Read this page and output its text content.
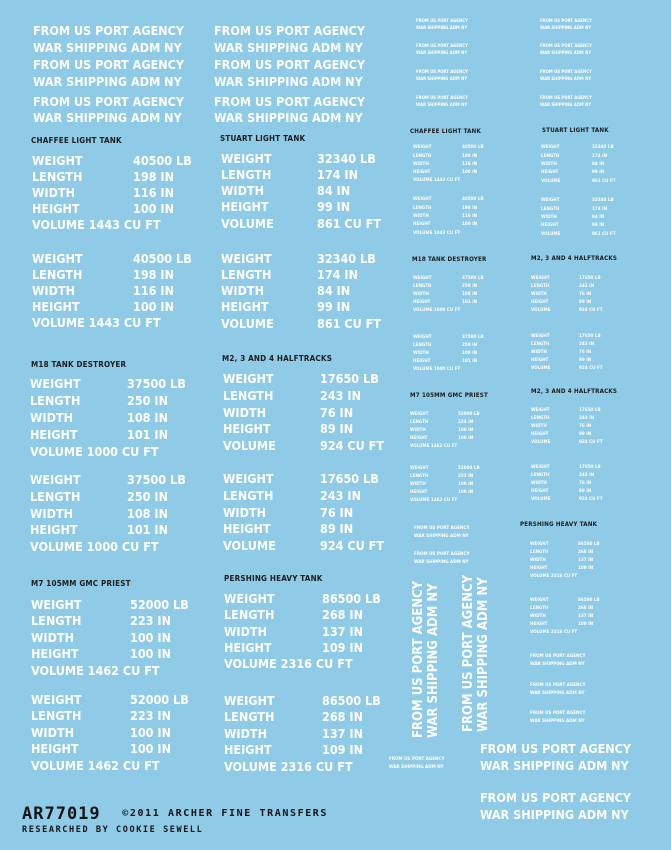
FROM US PORT AGENCY
WAR SHIPPING ADM NY
FROM US PORT AGENCY
WAR SHIPPING ADM NY
FROM US PORT AGENCY
WAR SHIPPING ADM NY
CHAFFEE LIGHT TANK
WEIGHT	40500 LB
LENGTH	198 IN
WIDTH	116 IN
HEIGHT	100 IN
VOLUME 1443 CU FT
WEIGHT	40500 LB
LENGTH	198 IN
WIDTH	116 IN
HEIGHT	100 IN
VOLUME 1443 CU FT
M18 TANK DESTROYER
WEIGHT	37500 LB
LENGTH	250 IN
WIDTH	108 IN
HEIGHT	101 IN
VOLUME 1000 CU FT
WEIGHT	37500 LB
LENGTH	250 IN
WIDTH	108 IN
HEIGHT	101 IN
VOLUME 1000 CU FT
M7 105MM GMC PRIEST
WEIGHT	52000 LB
LENGTH	223 IN
WIDTH	100 IN
HEIGHT	100 IN
VOLUME 1462 CU FT
WEIGHT	52000 LB
LENGTH	223 IN
WIDTH	100 IN
HEIGHT	100 IN
VOLUME 1462 CU FT
FROM US PORT AGENCY
WAR SHIPPING ADM NY
FROM US PORT AGENCY
WAR SHIPPING ADM NY
FROM US PORT AGENCY
WAR SHIPPING ADM NY
STUART LIGHT TANK
WEIGHT	32340 LB
LENGTH	174 IN
WIDTH	84 IN
HEIGHT	99 IN
VOLUME	861 CU FT
WEIGHT	32340 LB
LENGTH	174 IN
WIDTH	84 IN
HEIGHT	99 IN
VOLUME	861 CU FT
M2, 3 AND 4 HALFTRACKS
WEIGHT	17650 LB
LENGTH	243 IN
WIDTH	76 IN
HEIGHT	89 IN
VOLUME	924 CU FT
WEIGHT	17650 LB
LENGTH	243 IN
WIDTH	76 IN
HEIGHT	89 IN
VOLUME	924 CU FT
PERSHING HEAVY TANK
WEIGHT	86500 LB
LENGTH	268 IN
WIDTH	137 IN
HEIGHT	109 IN
VOLUME 2316 CU FT
WEIGHT	86500 LB
LENGTH	268 IN
WIDTH	137 IN
HEIGHT	109 IN
VOLUME 2316 CU FT
FROM US PORT AGENCY
WAR SHIPPING ADM NY
FROM US PORT AGENCY
WAR SHIPPING ADM NY
FROM US PORT AGENCY
WAR SHIPPING ADM NY
FROM US PORT AGENCY
WAR SHIPPING ADM NY
FROM US PORT AGENCY
WAR SHIPPING ADM NY
FROM US PORT AGENCY
WAR SHIPPING ADM NY
FROM US PORT AGENCY
WAR SHIPPING ADM NY
FROM US PORT AGENCY
WAR SHIPPING ADM NY
CHAFFEE LIGHT TANK
WEIGHT	40500 LB
LENGTH	198 IN
WIDTH	116 IN
HEIGHT	100 IN
VOLUME 1443 CU FT
WEIGHT	40500 LB
LENGTH	198 IN
WIDTH	116 IN
HEIGHT	100 IN
VOLUME 1443 CU FT
STUART LIGHT TANK
WEIGHT	32340 LB
LENGTH	174 IN
WIDTH	84 IN
HEIGHT	99 IN
VOLUME	861 CU FT
WEIGHT	32340 LB
LENGTH	174 IN
WIDTH	84 IN
HEIGHT	99 IN
VOLUME	861 CU FT
M18 TANK DESTROYER
WEIGHT	37500 LB
LENGTH	250 IN
WIDTH	108 IN
HEIGHT	101 IN
VOLUME 1000 CU FT
WEIGHT	37500 LB
LENGTH	250 IN
WIDTH	108 IN
HEIGHT	101 IN
VOLUME 1000 CU FT
M2, 3 AND 4 HALFTRACKS
WEIGHT	17650 LB
LENGTH	243 IN
WIDTH	76 IN
HEIGHT	89 IN
VOLUME	924 CU FT
WEIGHT	17650 LB
LENGTH	243 IN
WIDTH	76 IN
HEIGHT	89 IN
VOLUME	924 CU FT
M7 105MM GMC PRIEST
WEIGHT	52000 LB
LENGTH	223 IN
WIDTH	100 IN
HEIGHT	100 IN
VOLUME 1462 CU FT
WEIGHT	52000 LB
LENGTH	223 IN
WIDTH	100 IN
HEIGHT	100 IN
VOLUME 1462 CU FT
M2, 3 AND 4 HALFTRACKS
WEIGHT	17650 LB
LENGTH	243 IN
WIDTH	76 IN
HEIGHT	89 IN
VOLUME	924 CU FT
WEIGHT	17650 LB
LENGTH	243 IN
WIDTH	76 IN
HEIGHT	89 IN
VOLUME	924 CU FT
FROM US PORT AGENCY
WAR SHIPPING ADM NY
FROM US PORT AGENCY
WAR SHIPPING ADM NY
PERSHING HEAVY TANK
WEIGHT	86500 LB
LENGTH	268 IN
WIDTH	137 IN
HEIGHT	109 IN
VOLUME 2316 CU FT
WEIGHT	86500 LB
LENGTH	268 IN
WIDTH	137 IN
HEIGHT	109 IN
VOLUME 2316 CU FT
FROM US PORT AGENCY
WAR SHIPPING ADM NY
FROM US PORT AGENCY
WAR SHIPPING ADM NY
FROM US PORT AGENCY
WAR SHIPPING ADM NY
FROM US PORT AGENCY
WAR SHIPPING ADM NY
FROM US PORT AGENCY WAR SHIPPING ADM NY FROM US PORT AGENCY WAR SHIPPING ADM NY
FROM US PORT AGENCY
WAR SHIPPING ADM NY
FROM US PORT AGENCY
WAR SHIPPING ADM NY
AR77019 ©2011 ARCHER FINE TRANSFERS
RESEARCHED BY COOKIE SEWELL
